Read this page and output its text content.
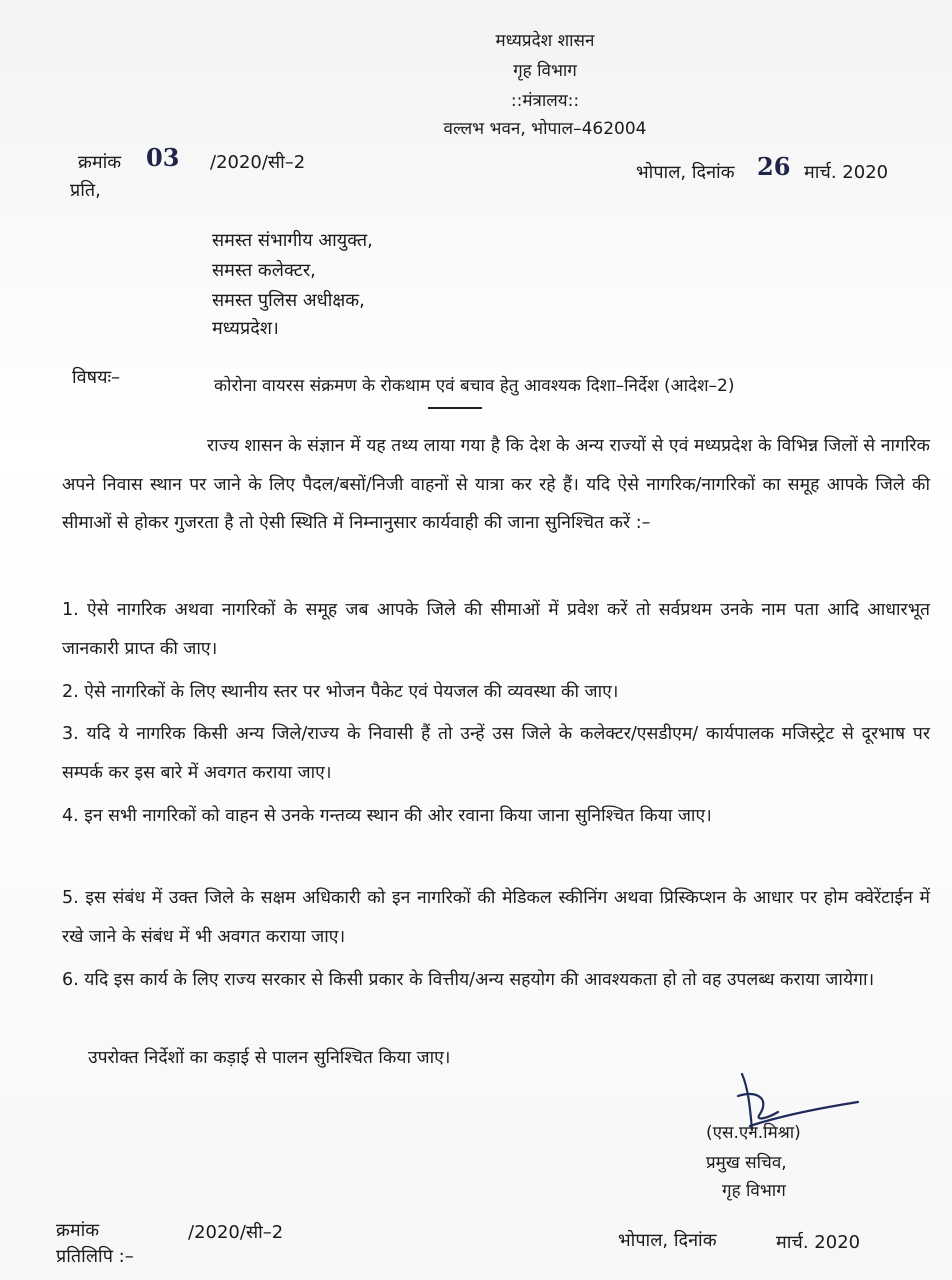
मध्यप्रदेश शासन
गृह विभाग
::मंत्रालय::
वल्लभ भवन, भोपाल–462004
क्रमांक 03 /2020/सी–2
प्रति,
भोपाल, दिनांक 26 मार्च. 2020
समस्त संभागीय आयुक्त,
समस्त कलेक्टर,
समस्त पुलिस अधीक्षक,
मध्यप्रदेश।
विषयः–	कोरोना वायरस संक्रमण के रोकथाम एवं बचाव हेतु आवश्यक दिशा–निर्देश (आदेश–2)
राज्य शासन के संज्ञान में यह तथ्य लाया गया है कि देश के अन्य राज्यों से एवं मध्यप्रदेश के विभिन्न जिलों से नागरिक अपने निवास स्थान पर जाने के लिए पैदल/बसों/निजी वाहनों से यात्रा कर रहे हैं। यदि ऐसे नागरिक/नागरिकों का समूह आपके जिले की सीमाओं से होकर गुजरता है तो ऐसी स्थिति में निम्नानुसार कार्यवाही की जाना सुनिश्चित करें :–
1. ऐसे नागरिक अथवा नागरिकों के समूह जब आपके जिले की सीमाओं में प्रवेश करें तो सर्वप्रथम उनके नाम पता आदि आधारभूत जानकारी प्राप्त की जाए।
2. ऐसे नागरिकों के लिए स्थानीय स्तर पर भोजन पैकेट एवं पेयजल की व्यवस्था की जाए।
3. यदि ये नागरिक किसी अन्य जिले/राज्य के निवासी हैं तो उन्हें उस जिले के कलेक्टर/एसडीएम/ कार्यपालक मजिस्ट्रेट से दूरभाष पर सम्पर्क कर इस बारे में अवगत कराया जाए।
4. इन सभी नागरिकों को वाहन से उनके गन्तव्य स्थान की ओर रवाना किया जाना सुनिश्चित किया जाए।
5. इस संबंध में उक्त जिले के सक्षम अधिकारी को इन नागरिकों की मेडिकल स्कीनिंग अथवा प्रिस्किप्शन के आधार पर होम क्वेरेंटाईन में रखे जाने के संबंध में भी अवगत कराया जाए।
6. यदि इस कार्य के लिए राज्य सरकार से किसी प्रकार के वित्तीय/अन्य सहयोग की आवश्यकता हो तो वह उपलब्ध कराया जायेगा।
उपरोक्त निर्देशों का कड़ाई से पालन सुनिश्चित किया जाए।
(एस.एन.मिश्रा)
प्रमुख सचिव,
गृह विभाग
क्रमांक	/2020/सी–2
प्रतिलिपि :–
भोपाल, दिनांक	मार्च. 2020
